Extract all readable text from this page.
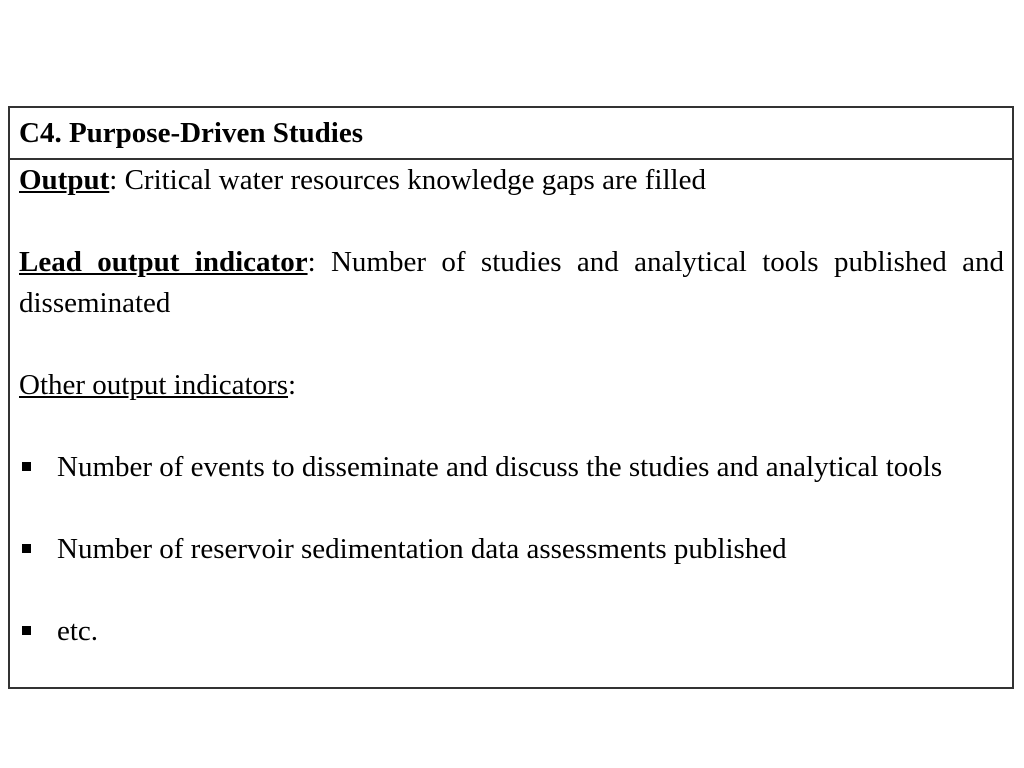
C4. Purpose-Driven Studies

Output: Critical water resources knowledge gaps are filled

Lead output indicator: Number of studies and analytical tools published and disseminated

Other output indicators:

Number of events to disseminate and discuss the studies and analytical tools
Number of reservoir sedimentation data assessments published
etc.
